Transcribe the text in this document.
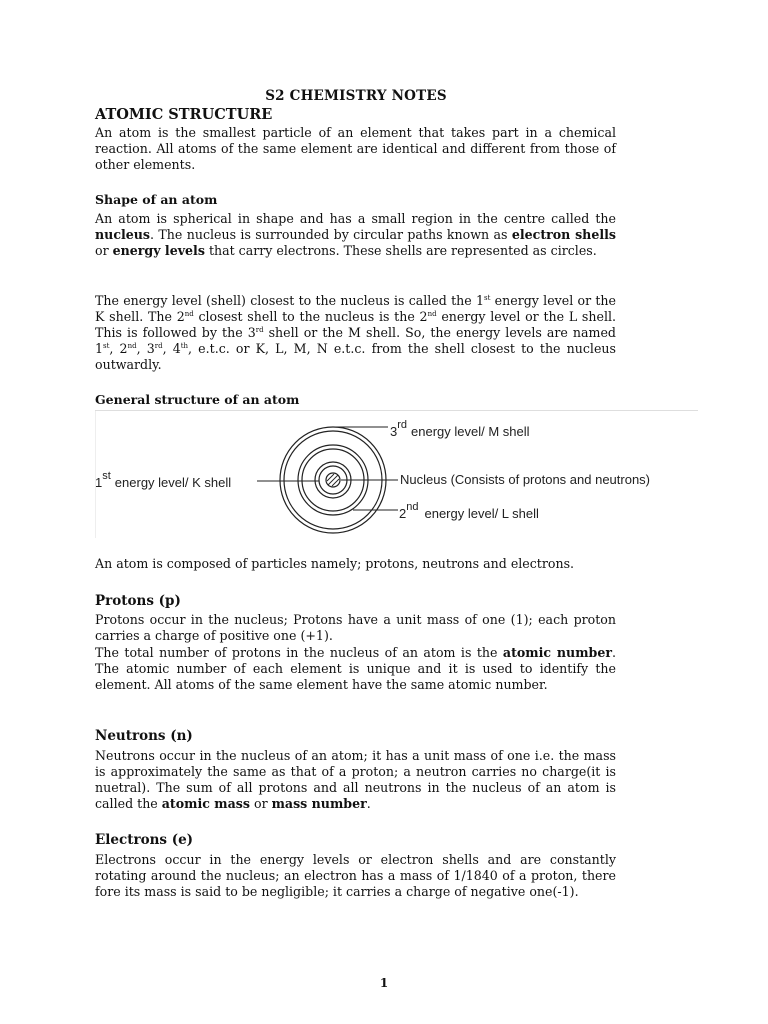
S2 CHEMISTRY NOTES
ATOMIC STRUCTURE
An atom is the smallest particle of an element that takes part in a chemical reaction. All atoms of the same element are identical and different from those of other elements.
Shape of an atom
An atom is spherical in shape and has a small region in the centre called the nucleus. The nucleus is surrounded by circular paths known as electron shells or energy levels that carry electrons. These shells are represented as circles.
The energy level (shell) closest to the nucleus is called the 1st energy level or the K shell. The 2nd closest shell to the nucleus is the 2nd energy level or the L shell. This is followed by the 3rd shell or the M shell. So, the energy levels are named 1st, 2nd, 3rd, 4th, e.t.c. or K, L, M, N e.t.c. from the shell closest to the nucleus outwardly.
General structure of an atom
An atom is composed of particles namely; protons, neutrons and electrons.
Protons (p)
Protons occur in the nucleus; Protons have a unit mass of one (1); each proton carries a charge of positive one (+1).
The total number of protons in the nucleus of an atom is the atomic number. The atomic number of each element is unique and it is used to identify the element. All atoms of the same element have the same atomic number.
Neutrons (n)
Neutrons occur in the nucleus of an atom; it has a unit mass of one i.e. the mass is approximately the same as that of a proton; a neutron carries no charge(it is nuetral). The sum of all protons and all neutrons in the nucleus of an atom is called the atomic mass or mass number.
Electrons (e)
Electrons occur in the energy levels or electron shells and are constantly rotating around the nucleus; an electron has a mass of 1/1840 of a proton, there fore its mass is said to be negligible; it carries a charge of negative one(-1).
3rd energy level/ M shell
1st energy level/ K shell	Nucleus (Consists of protons and neutrons)
2nd energy level/ L shell
1
